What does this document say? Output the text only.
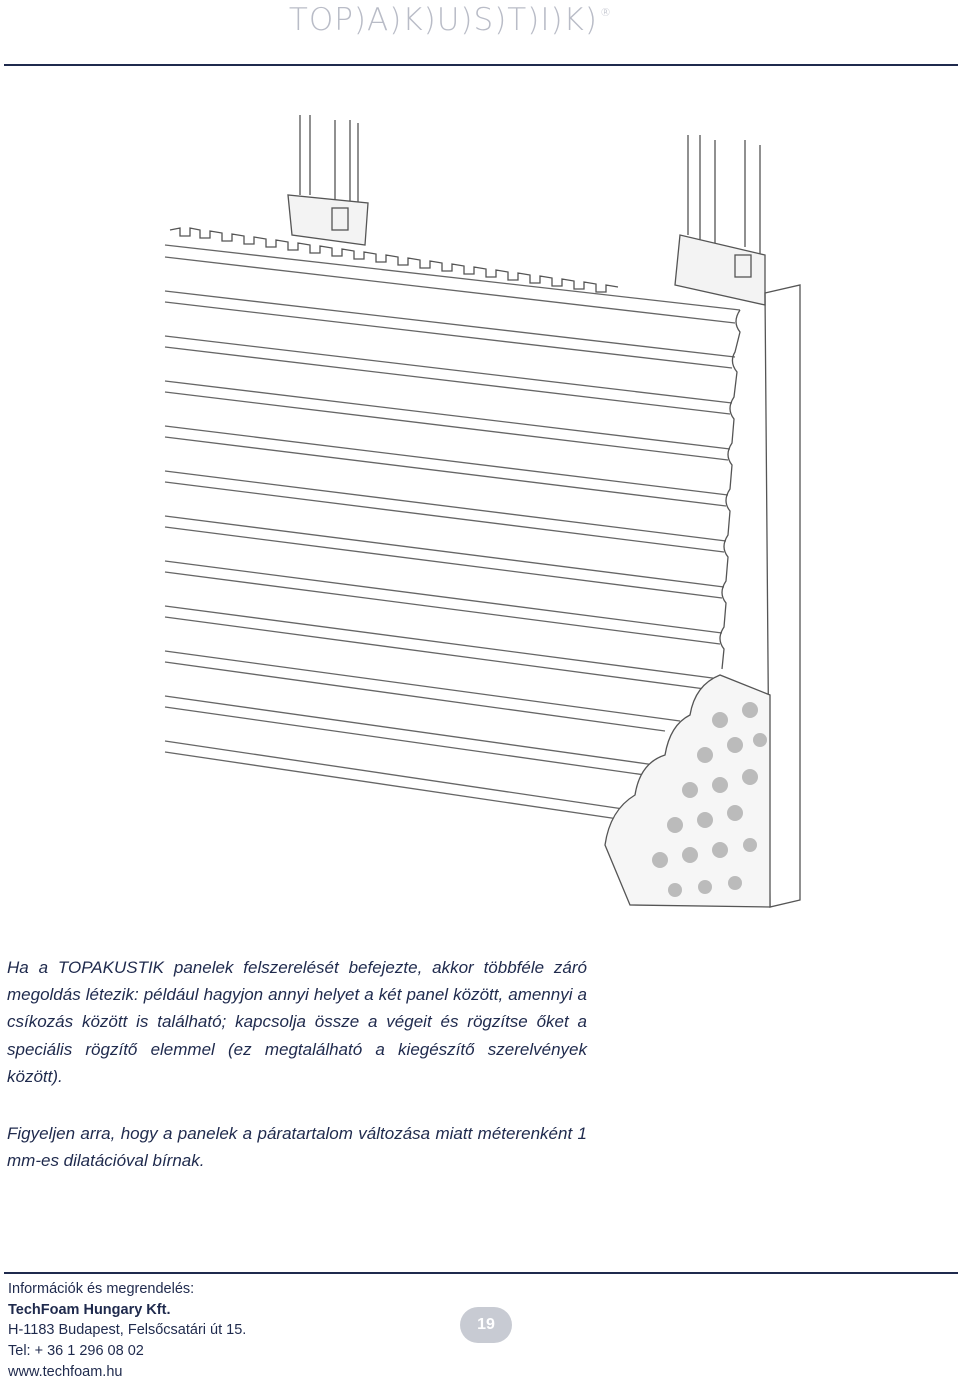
TOP)A)K)U)S)T)I)K) ®

Ha a TOPAKUSTIK panelek felszerelését befejezte, akkor többféle záró megoldás létezik: például hagyjon annyi helyet a két panel között, amennyi a csíkozás között is található; kapcsolja össze a végeit és rögzítse őket a speciális rögzítő elemmel (ez megtalálható a kiegészítő szerelvények között).

Figyeljen arra, hogy a panelek a páratartalom változása miatt méterenként 1 mm-es dilatációval bírnak.

Információk és megrendelés:
TechFoam Hungary Kft.
H-1183 Budapest, Felsőcsatári út 15.
Tel: + 36 1 296 08 02
www.techfoam.hu
19
